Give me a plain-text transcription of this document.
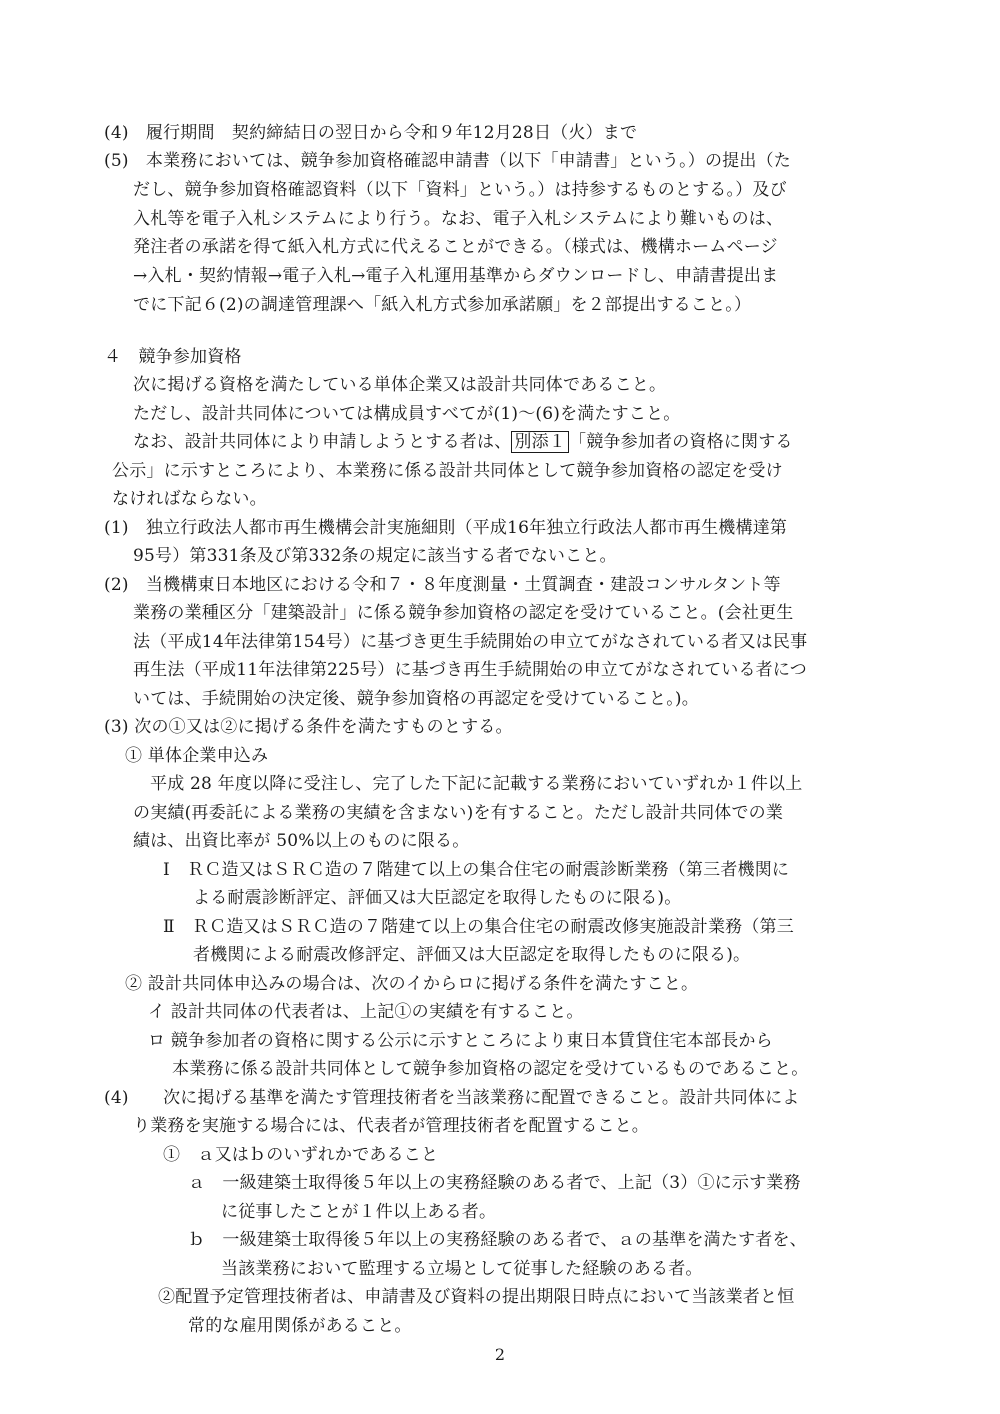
(4)　履行期間　契約締結日の翌日から令和９年12月28日（火）まで
(5)　本業務においては、競争参加資格確認申請書（以下「申請書」という。）の提出（た
だし、競争参加資格確認資料（以下「資料」という。）は持参するものとする。）及び
入札等を電子入札システムにより行う。なお、電子入札システムにより難いものは、
発注者の承諾を得て紙入札方式に代えることができる。（様式は、機構ホームページ
→入札・契約情報→電子入札→電子入札運用基準からダウンロードし、申請書提出ま
でに下記６(2)の調達管理課へ「紙入札方式参加承諾願」を２部提出すること。）
４　競争参加資格
次に掲げる資格を満たしている単体企業又は設計共同体であること。
ただし、設計共同体については構成員すべてが(1)～(6)を満たすこと。
なお、設計共同体により申請しようとする者は、 別添１ 「競争参加者の資格に関する
公示」に示すところにより、本業務に係る設計共同体として競争参加資格の認定を受け
なければならない。
(1)　独立行政法人都市再生機構会計実施細則（平成16年独立行政法人都市再生機構達第
95号）第331条及び第332条の規定に該当する者でないこと。
(2)　当機構東日本地区における令和７・８年度測量・土質調査・建設コンサルタント等
業務の業種区分「建築設計」に係る競争参加資格の認定を受けていること。(会社更生
法（平成14年法律第154号）に基づき更生手続開始の申立てがなされている者又は民事
再生法（平成11年法律第225号）に基づき再生手続開始の申立てがなされている者につ
いては、手続開始の決定後、競争参加資格の再認定を受けていること。)。
(3) 次の①又は②に掲げる条件を満たすものとする。
① 単体企業申込み
平成 28 年度以降に受注し、完了した下記に記載する業務においていずれか１件以上
の実績(再委託による業務の実績を含まない)を有すること。ただし設計共同体での業
績は、出資比率が 50%以上のものに限る。
Ⅰ　ＲＣ造又はＳＲＣ造の７階建て以上の集合住宅の耐震診断業務（第三者機関に
よる耐震診断評定、評価又は大臣認定を取得したものに限る)。
Ⅱ　ＲＣ造又はＳＲＣ造の７階建て以上の集合住宅の耐震改修実施設計業務（第三
者機関による耐震改修評定、評価又は大臣認定を取得したものに限る)。
② 設計共同体申込みの場合は、次のイからロに掲げる条件を満たすこと。
イ 設計共同体の代表者は、上記①の実績を有すること。
ロ 競争参加者の資格に関する公示に示すところにより東日本賃貸住宅本部長から
本業務に係る設計共同体として競争参加資格の認定を受けているものであること。
(4)　　次に掲げる基準を満たす管理技術者を当該業務に配置できること。設計共同体によ
り業務を実施する場合には、代表者が管理技術者を配置すること。
①　ａ又はｂのいずれかであること
ａ　一級建築士取得後５年以上の実務経験のある者で、上記（3）①に示す業務
に従事したことが１件以上ある者。
ｂ　一級建築士取得後５年以上の実務経験のある者で、ａの基準を満たす者を、
当該業務において監理する立場として従事した経験のある者。
②配置予定管理技術者は、申請書及び資料の提出期限日時点において当該業者と恒
常的な雇用関係があること。
2
